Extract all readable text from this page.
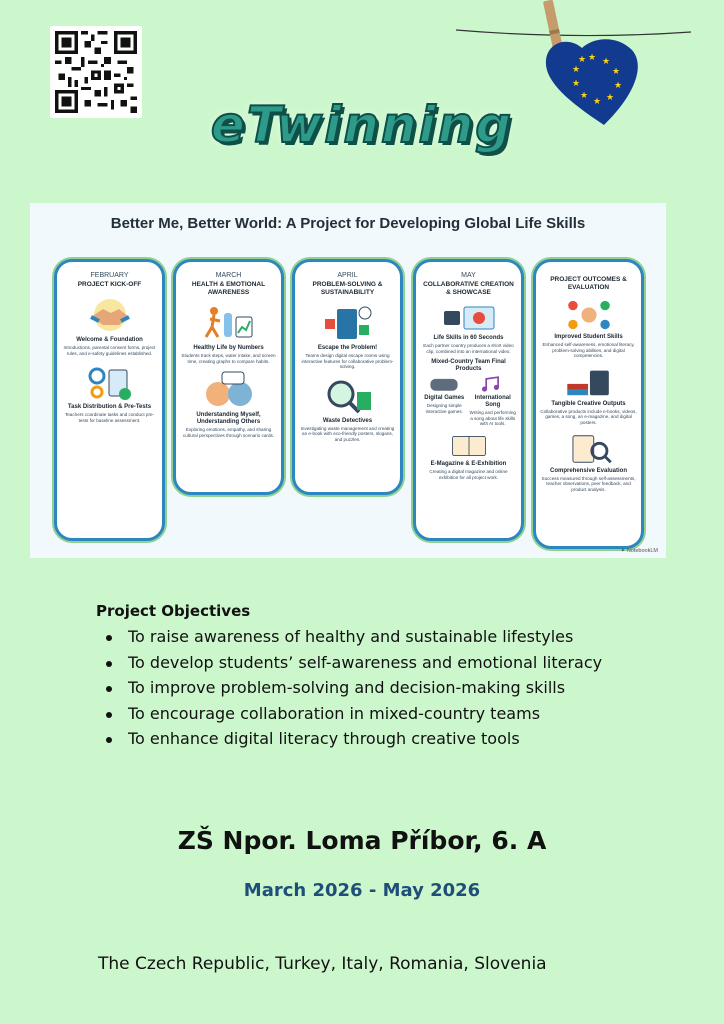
★ ★
★
★
★
★
★
★
★
★
eTwinning
Better Me, Better World: A Project for Developing Global Life Skills
FEBRUARY
PROJECT KICK-OFF
Welcome & Foundation
Introductions, parental consent forms, project rules, and e-safety guidelines established.
Task Distribution & Pre-Tests
Teachers coordinate tasks and conduct pre-tests for baseline assessment.
MARCH
HEALTH & EMOTIONAL AWARENESS
Healthy Life by Numbers
Students track steps, water intake, and screen time, creating graphs to compare habits.
Understanding Myself, Understanding Others
Exploring emotions, empathy, and sharing cultural perspectives through scenario cards.
APRIL
PROBLEM-SOLVING & SUSTAINABILITY
Escape the Problem!
Teams design digital escape rooms using interactive features for collaborative problem-solving.
Waste Detectives
Investigating waste management and creating an e-book with eco-friendly posters, slogans, and puzzles.
MAY
COLLABORATIVE CREATION & SHOWCASE
Life Skills in 60 Seconds
Each partner country produces a short video clip, combined into an international video.
Mixed-Country Team Final Products
Digital Games
Designing simple interactive games.
International Song
Writing and performing a song about life skills with AI tools.
E-Magazine & E-Exhibition
Creating a digital magazine and online exhibition for all project work.
PROJECT OUTCOMES & EVALUATION
Improved Student Skills
Enhanced self-awareness, emotional literacy, problem-solving abilities, and digital competencies.
Tangible Creative Outputs
Collaborative products include e-books, videos, games, a song, an e-magazine, and digital posters.
Comprehensive Evaluation
Success measured through self-assessments, teacher observations, peer feedback, and product analysis.
✦ NotebookLM
Project Objectives
To raise awareness of healthy and sustainable lifestyles
To develop students’ self-awareness and emotional literacy
To improve problem-solving and decision-making skills
To encourage collaboration in mixed-country teams
To enhance digital literacy through creative tools
ZŠ Npor. Loma Příbor, 6. A
March 2026 - May 2026
The Czech Republic, Turkey, Italy, Romania, Slovenia
